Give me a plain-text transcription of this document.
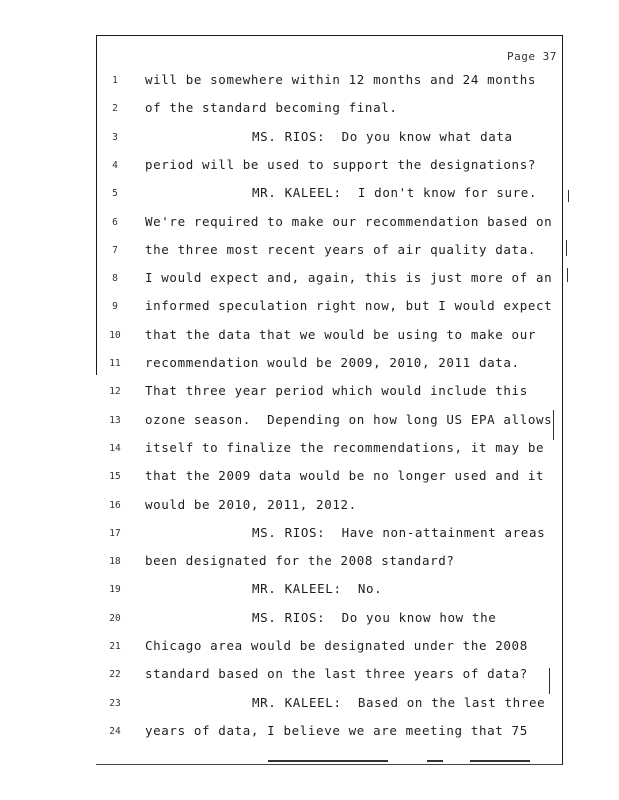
Page 37
1	will be somewhere within 12 months and 24 months
2	of the standard becoming final.
3	MS. RIOS:  Do you know what data
4	period will be used to support the designations?
5	MR. KALEEL:  I don't know for sure.
6	We're required to make our recommendation based on
7	the three most recent years of air quality data.
8	I would expect and, again, this is just more of an
9	informed speculation right now, but I would expect
10	that the data that we would be using to make our
11	recommendation would be 2009, 2010, 2011 data.
12	That three year period which would include this
13	ozone season.  Depending on how long US EPA allows
14	itself to finalize the recommendations, it may be
15	that the 2009 data would be no longer used and it
16	would be 2010, 2011, 2012.
17	MS. RIOS:  Have non-attainment areas
18	been designated for the 2008 standard?
19	MR. KALEEL:  No.
20	MS. RIOS:  Do you know how the
21	Chicago area would be designated under the 2008
22	standard based on the last three years of data?
23	MR. KALEEL:  Based on the last three
24	years of data, I believe we are meeting that 75
